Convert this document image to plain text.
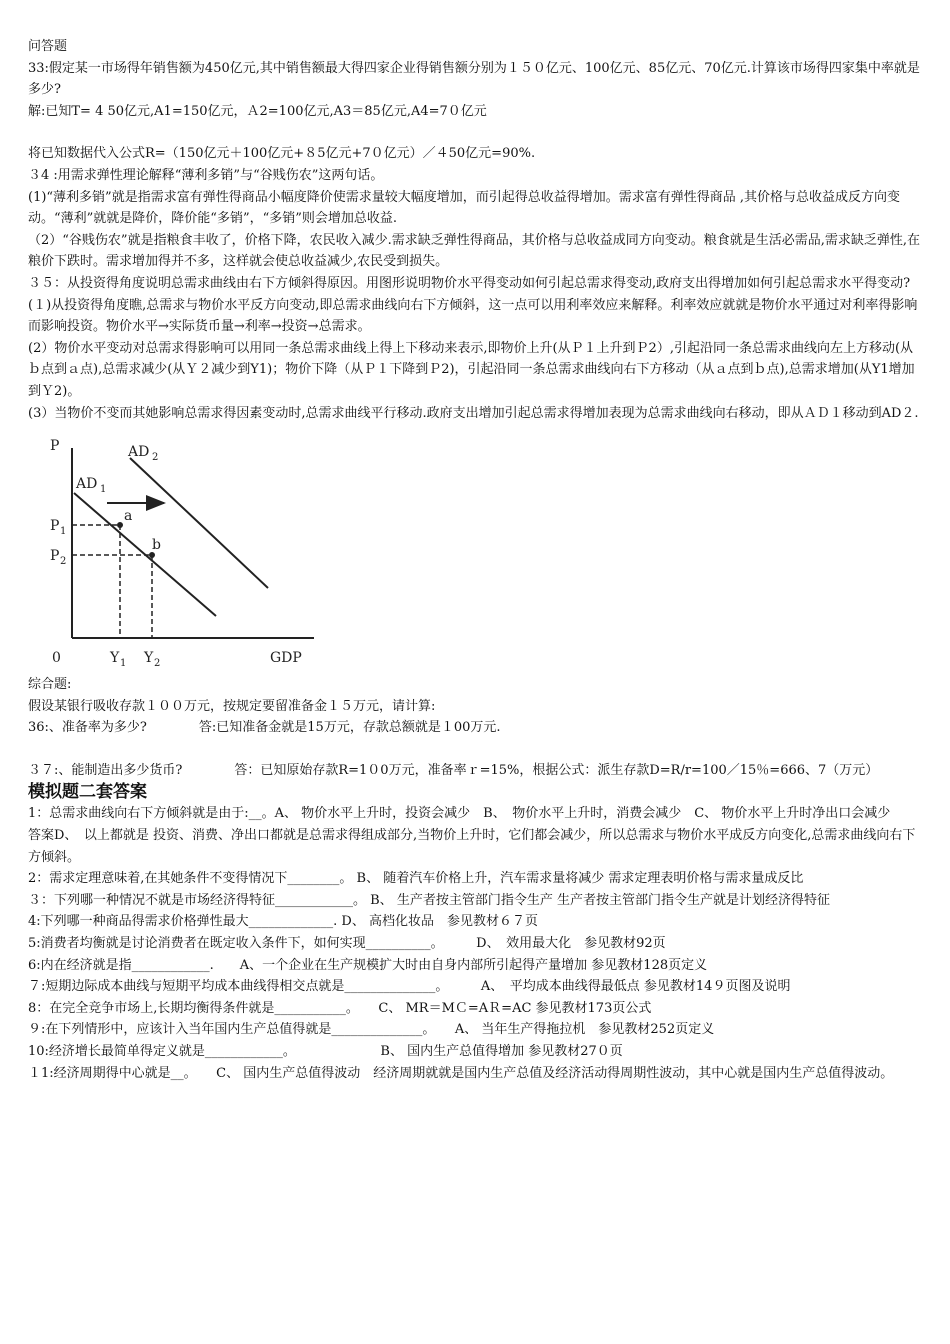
问答题

33:假定某一市场得年销售额为450亿元,其中销售额最大得四家企业得销售额分别为１５０亿元、100亿元、85亿元、70亿元.计算该市场得四家集中率就是多少?

解:已知T= 4 50亿元,A1=150亿元，Ａ2=100亿元,A3＝85亿元,A4=7０亿元

将已知数据代入公式R=（150亿元＋100亿元+８5亿元+7０亿元）／４50亿元=90%.

３4 :用需求弹性理论解释“薄利多销”与“谷贱伤农”这两句话。

(1)“薄利多销”就是指需求富有弹性得商品小幅度降价使需求量较大幅度增加，而引起得总收益得增加。需求富有弹性得商品 ,其价格与总收益成反方向变动。“薄利”就就是降价，降价能“多销”，“多销”则会增加总收益.

（2）“谷贱伤农”就是指粮食丰收了，价格下降，农民收入减少.需求缺乏弹性得商品，其价格与总收益成同方向变动。粮食就是生活必需品,需求缺乏弹性,在粮价下跌时。需求增加得并不多，这样就会使总收益减少,农民受到损失。

３５：从投资得角度说明总需求曲线由右下方倾斜得原因。用图形说明物价水平得变动如何引起总需求得变动,政府支出得增加如何引起总需求水平得变动?

(１)从投资得角度瞧,总需求与物价水平反方向变动,即总需求曲线向右下方倾斜，这一点可以用利率效应来解释。利率效应就就是物价水平通过对利率得影响而影响投资。物价水平→实际货币量→利率→投资→总需求。

(2）物价水平变动对总需求得影响可以用同一条总需求曲线上得上下移动来表示,即物价上升(从Ｐ１上升到Ｐ2）,引起沿同一条总需求曲线向左上方移动(从ｂ点到ａ点),总需求减少(从Ｙ２减少到Y1)；物价下降（从Ｐ１下降到Ｐ2)，引起沿同一条总需求曲线向右下方移动（从ａ点到ｂ点),总需求增加(从Y1增加到Ｙ2)。

(3）当物价不变而其她影响总需求得因素变动时,总需求曲线平行移动.政府支出增加引起总需求得增加表现为总需求曲线向右移动，即从ＡＤ１移动到AD２.

P	AD 2
AD 1
P 1
P 2
a
b
0	Y 1 Y 2	GDP

综合题:

假设某银行吸收存款１００万元，按规定要留准备金１５万元，请计算:

36:、准备率为多少?　　　　答:已知准备金就是15万元，存款总额就是１00万元.

３７:、能制造出多少货币?　　　　答：已知原始存款R=1０0万元，准备率ｒ=15%，根据公式：派生存款D=R/r=100／15％=666、7（万元）

模拟题二套答案

1：总需求曲线向右下方倾斜就是由于:__。A、 物价水平上升时，投资会减少　B、　物价水平上升时，消费会减少　C、 物价水平上升时净出口会减少

答案D、　以上都就是 投资、消费、净出口都就是总需求得组成部分,当物价上升时，它们都会减少，所以总需求与物价水平成反方向变化,总需求曲线向右下方倾斜。

2：需求定理意味着,在其她条件不变得情况下________。 B、 随着汽车价格上升，汽车需求量将减少 需求定理表明价格与需求量成反比

３：下列哪一种情况不就是市场经济得特征____________。 B、 生产者按主管部门指令生产 生产者按主管部门指令生产就是计划经济得特征

4:下列哪一种商品得需求价格弹性最大_____________. D、 高档化妆品　参见教材６７页

5:消费者均衡就是讨论消费者在既定收入条件下，如何实现__________。　　　D、　效用最大化　参见教材92页

6:内在经济就是指____________.　　A、一个企业在生产规模扩大时由自身内部所引起得产量增加 参见教材128页定义

７:短期边际成本曲线与短期平均成本曲线得相交点就是______________。　　　A、　平均成本曲线得最低点 参见教材14９页图及说明

8：在完全竞争市场上,长期均衡得条件就是___________。　　C、 MR＝MＣ=AＲ=AC 参见教材173页公式

９:在下列情形中，应该计入当年国内生产总值得就是______________。　　A、 当年生产得拖拉机　参见教材252页定义

10:经济增长最简单得定义就是____________。　　　　　　　B、 国内生产总值得增加 参见教材27０页

１1:经济周期得中心就是__。　　C、 国内生产总值得波动　经济周期就就是国内生产总值及经济活动得周期性波动，其中心就是国内生产总值得波动。
